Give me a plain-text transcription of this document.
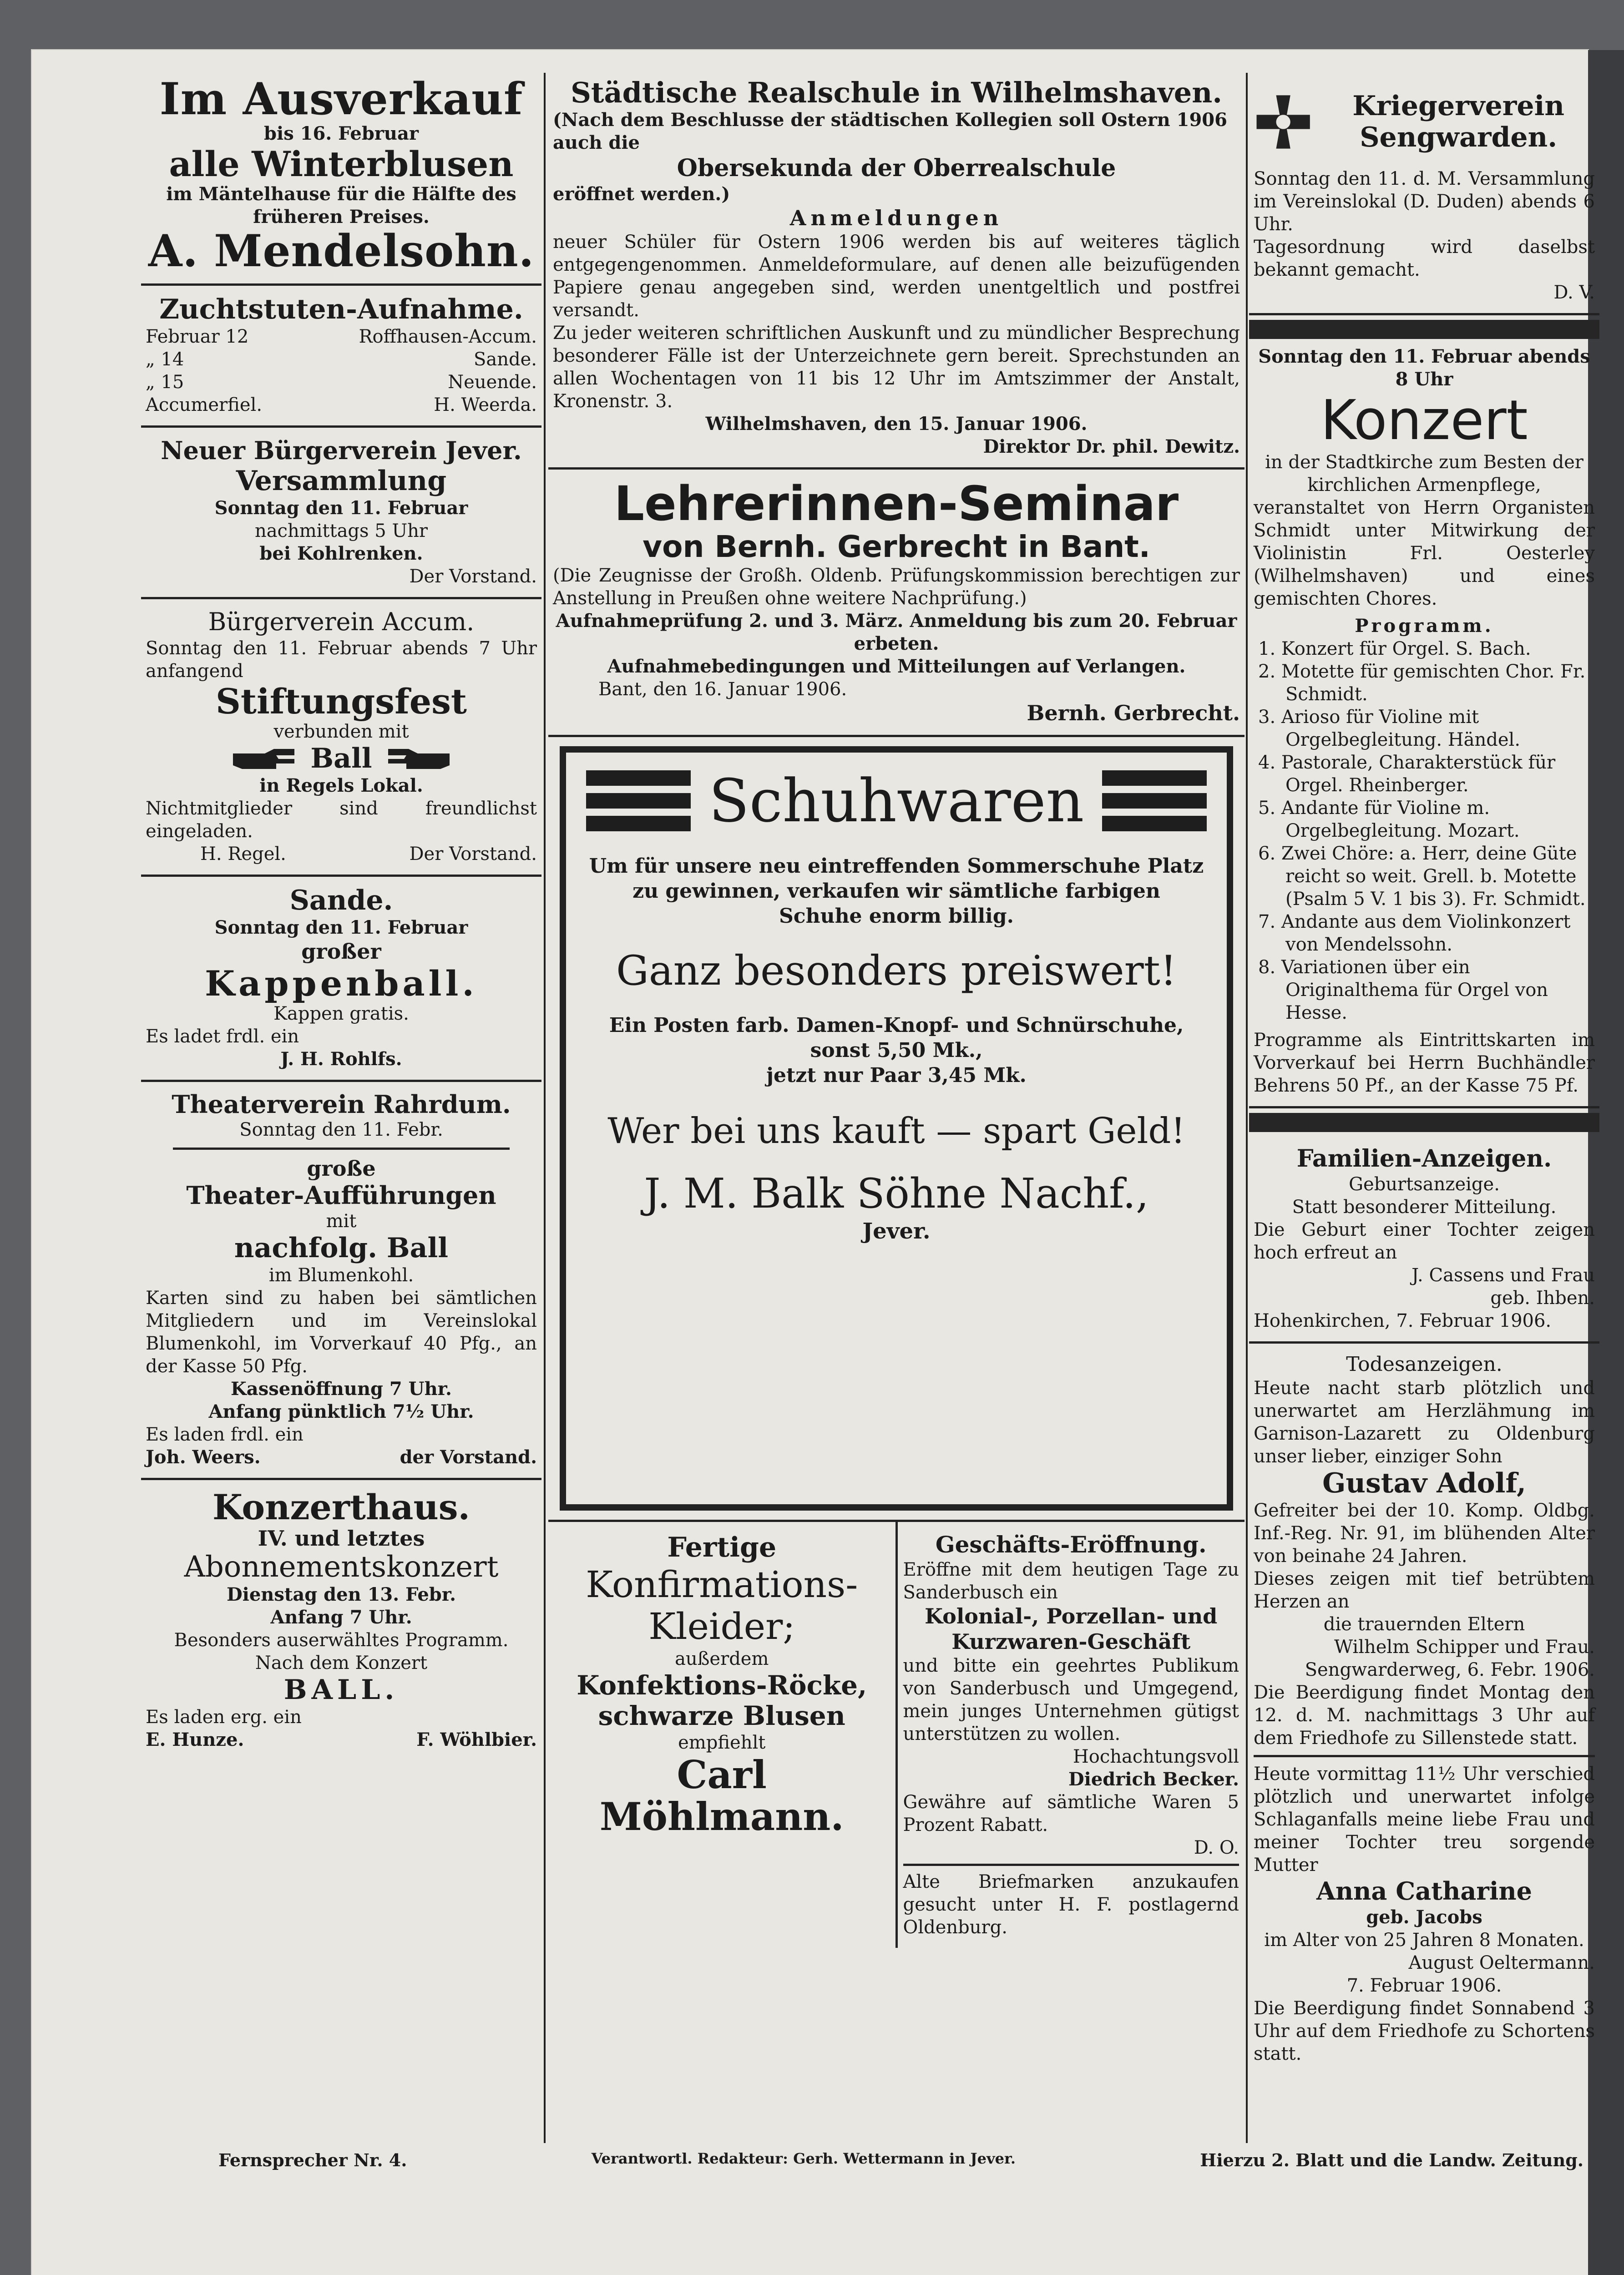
Im Ausverkauf
bis 16. Februar
alle Winterblusen
im Mäntelhause für die Hälfte des früheren Preises.
A. Mendelsohn.
Zuchtstuten-Aufnahme.
Februar 12	Roffhausen-Accum.
„ 14	Sande.
„ 15	Neuende.
Accumerfiel.	H. Weerda.
Neuer Bürgerverein Jever.
Versammlung
Sonntag den 11. Februar
nachmittags 5 Uhr
bei Kohlrenken.
Der Vorstand.
Bürgerverein Accum.
Sonntag den 11. Februar abends 7 Uhr anfangend
Stiftungsfest
verbunden mit
Ball
in Regels Lokal.
Nichtmitglieder sind freundlichst eingeladen.
H. Regel.	Der Vorstand.
Sande.
Sonntag den 11. Februar
großer
Kappenball.
Kappen gratis.
Es ladet frdl. ein
J. H. Rohlfs.
Theaterverein Rahrdum.
Sonntag den 11. Febr.
große
Theater-Aufführungen
mit
nachfolg. Ball
im Blumenkohl.
Karten sind zu haben bei sämtlichen Mitgliedern und im Vereinslokal Blumenkohl, im Vorverkauf 40 Pfg., an der Kasse 50 Pfg.
Kassenöffnung 7 Uhr.
Anfang pünktlich 7½ Uhr.
Es laden frdl. ein
Joh. Weers.	der Vorstand.
Konzerthaus.
IV. und letztes
Abonnementskonzert
Dienstag den 13. Febr.
Anfang 7 Uhr.
Besonders auserwähltes Programm.
Nach dem Konzert
BALL.
Es laden erg. ein
E. Hunze.	F. Wöhlbier.
Städtische Realschule in Wilhelmshaven.
(Nach dem Beschlusse der städtischen Kollegien soll Ostern 1906 auch die
Obersekunda der Oberrealschule
eröffnet werden.)
Anmeldungen
neuer Schüler für Ostern 1906 werden bis auf weiteres täglich entgegengenommen. Anmeldeformulare, auf denen alle beizufügenden Papiere genau angegeben sind, werden unentgeltlich und postfrei versandt.
Zu jeder weiteren schriftlichen Auskunft und zu mündlicher Besprechung besonderer Fälle ist der Unterzeichnete gern bereit. Sprechstunden an allen Wochentagen von 11 bis 12 Uhr im Amtszimmer der Anstalt, Kronenstr. 3.
Wilhelmshaven, den 15. Januar 1906.
Direktor Dr. phil. Dewitz.
Lehrerinnen-Seminar
von Bernh. Gerbrecht in Bant.
(Die Zeugnisse der Großh. Oldenb. Prüfungskommission berechtigen zur Anstellung in Preußen ohne weitere Nachprüfung.)
Aufnahmeprüfung 2. und 3. März. Anmeldung bis zum 20. Februar erbeten.
Aufnahmebedingungen und Mitteilungen auf Verlangen.
Bant, den 16. Januar 1906.
Bernh. Gerbrecht.
Schuhwaren
Um für unsere neu eintreffenden Sommerschuhe Platz zu gewinnen, verkaufen wir sämtliche farbigen
Schuhe enorm billig.
Ganz besonders preiswert!
Ein Posten farb. Damen-Knopf- und Schnürschuhe, sonst 5,50 Mk.,
jetzt nur Paar 3,45 Mk.
Wer bei uns kauft — spart Geld!
J. M. Balk Söhne Nachf.,
Jever.
Fertige
Konfirmations-
Kleider;
außerdem
Konfektions-Röcke,
schwarze Blusen
empfiehlt
Carl Möhlmann.
Geschäfts-Eröffnung.
Eröffne mit dem heutigen Tage zu Sanderbusch ein
Kolonial-, Porzellan- und Kurzwaren-Geschäft
und bitte ein geehrtes Publikum von Sanderbusch und Umgegend, mein junges Unternehmen gütigst unterstützen zu wollen.
Hochachtungsvoll
Diedrich Becker.
Gewähre auf sämtliche Waren 5 Prozent Rabatt.
D. O.
Alte Briefmarken anzukaufen gesucht unter H. F. postlagernd Oldenburg.
Kriegerverein Sengwarden.
Sonntag den 11. d. M. Versammlung im Vereinslokal (D. Duden) abends 6 Uhr.
Tagesordnung wird daselbst bekannt gemacht.
D. V.
Sonntag den 11. Februar abends 8 Uhr
Konzert
in der Stadtkirche zum Besten der kirchlichen Armenpflege,
veranstaltet von Herrn Organisten Schmidt unter Mitwirkung der Violinistin Frl. Oesterley (Wilhelmshaven) und eines gemischten Chores.
Programm.
1. Konzert für Orgel. S. Bach.
2. Motette für gemischten Chor. Fr. Schmidt.
3. Arioso für Violine mit Orgelbegleitung. Händel.
4. Pastorale, Charakterstück für Orgel. Rheinberger.
5. Andante für Violine m. Orgelbegleitung. Mozart.
6. Zwei Chöre: a. Herr, deine Güte reicht so weit. Grell. b. Motette (Psalm 5 V. 1 bis 3). Fr. Schmidt.
7. Andante aus dem Violinkonzert von Mendelssohn.
8. Variationen über ein Originalthema für Orgel von Hesse.
Programme als Eintrittskarten im Vorverkauf bei Herrn Buchhändler Behrens 50 Pf., an der Kasse 75 Pf.
Familien-Anzeigen.
Geburtsanzeige.
Statt besonderer Mitteilung.
Die Geburt einer Tochter zeigen hoch erfreut an
J. Cassens und Frau
geb. Ihben.
Hohenkirchen, 7. Februar 1906.
Todesanzeigen.
Heute nacht starb plötzlich und unerwartet am Herzlähmung im Garnison-Lazarett zu Oldenburg unser lieber, einziger Sohn
Gustav Adolf,
Gefreiter bei der 10. Komp. Oldbg. Inf.-Reg. Nr. 91, im blühenden Alter von beinahe 24 Jahren.
Dieses zeigen mit tief betrübtem Herzen an
die trauernden Eltern
Wilhelm Schipper und Frau.
Sengwarderweg, 6. Febr. 1906.
Die Beerdigung findet Montag den 12. d. M. nachmittags 3 Uhr auf dem Friedhofe zu Sillenstede statt.
Heute vormittag 11½ Uhr verschied plötzlich und unerwartet infolge Schlaganfalls meine liebe Frau und meiner Tochter treu sorgende Mutter
Anna Catharine
geb. Jacobs
im Alter von 25 Jahren 8 Monaten.
August Oeltermann.
7. Februar 1906.
Die Beerdigung findet Sonnabend 3 Uhr auf dem Friedhofe zu Schortens statt.
Fernsprecher Nr. 4.	Verantwortl. Redakteur: Gerh. Wettermann in Jever.	Hierzu 2. Blatt und die Landw. Zeitung.
